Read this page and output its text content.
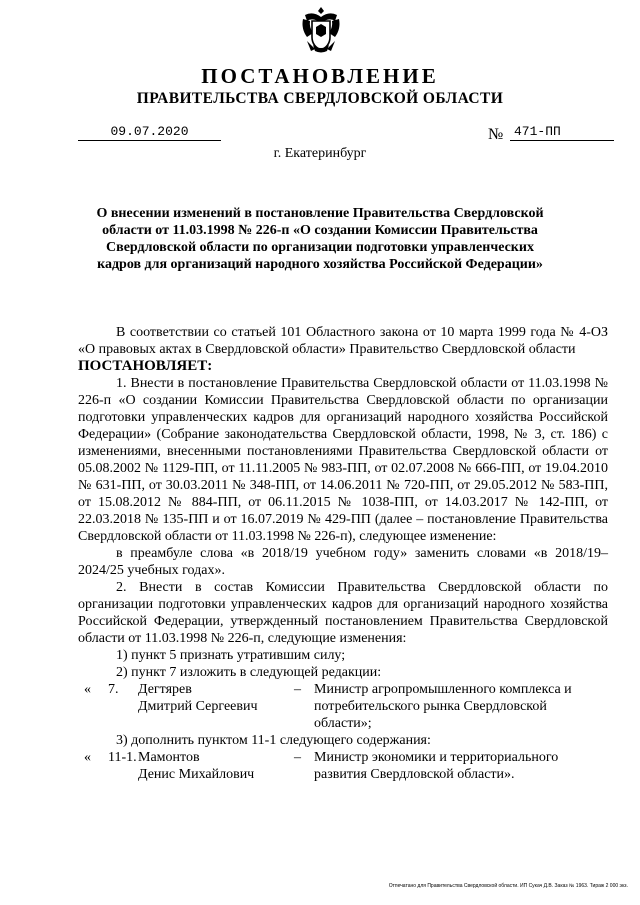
ПОСТАНОВЛЕНИЕ
ПРАВИТЕЛЬСТВА СВЕРДЛОВСКОЙ ОБЛАСТИ
09.07.2020	№ 471-ПП
г. Екатеринбург
О внесении изменений в постановление Правительства Свердловской области от 11.03.1998 № 226-п «О создании Комиссии Правительства Свердловской области по организации подготовки управленческих кадров для организаций народного хозяйства Российской Федерации»

В соответствии со статьей 101 Областного закона от 10 марта 1999 года № 4-ОЗ «О правовых актах в Свердловской области» Правительство Свердловской области

ПОСТАНОВЛЯЕТ:

1. Внести в постановление Правительства Свердловской области от 11.03.1998 № 226-п «О создании Комиссии Правительства Свердловской области по организации подготовки управленческих кадров для организаций народного хозяйства Российской Федерации» (Собрание законодательства Свердловской области, 1998, № 3, ст. 186) с изменениями, внесенными постановлениями Правительства Свердловской области от 05.08.2002 № 1129-ПП, от 11.11.2005 № 983-ПП, от 02.07.2008 № 666-ПП, от 19.04.2010 № 631-ПП, от 30.03.2011 № 348-ПП, от 14.06.2011 № 720-ПП, от 29.05.2012 № 583-ПП, от 15.08.2012 № 884-ПП, от 06.11.2015 № 1038-ПП, от 14.03.2017 № 142-ПП, от 22.03.2018 № 135-ПП и от 16.07.2019 № 429-ПП (далее – постановление Правительства Свердловской области от 11.03.1998 № 226-п), следующее изменение:

в преамбуле слова «в 2018/19 учебном году» заменить словами «в 2018/19–2024/25 учебных годах».

2. Внести в состав Комиссии Правительства Свердловской области по организации подготовки управленческих кадров для организаций народного хозяйства Российской Федерации, утвержденный постановлением Правительства Свердловской области от 11.03.1998 № 226-п, следующие изменения:

1) пункт 5 признать утратившим силу;

2) пункт 7 изложить в следующей редакции:

«	7.	Дегтярев
Дмитрий Сергеевич
– Министр агропромышленного комплекса и потребительского рынка Свердловской области»;

3) дополнить пунктом 11-1 следующего содержания:

«	11-1. Мамонтов
Денис Михайлович
– Министр экономики и территориального развития Свердловской области».
Отпечатано для Правительства Свердловской области. ИП Сукач Д.В. Заказ № 1963. Тираж 2 000 экз.
